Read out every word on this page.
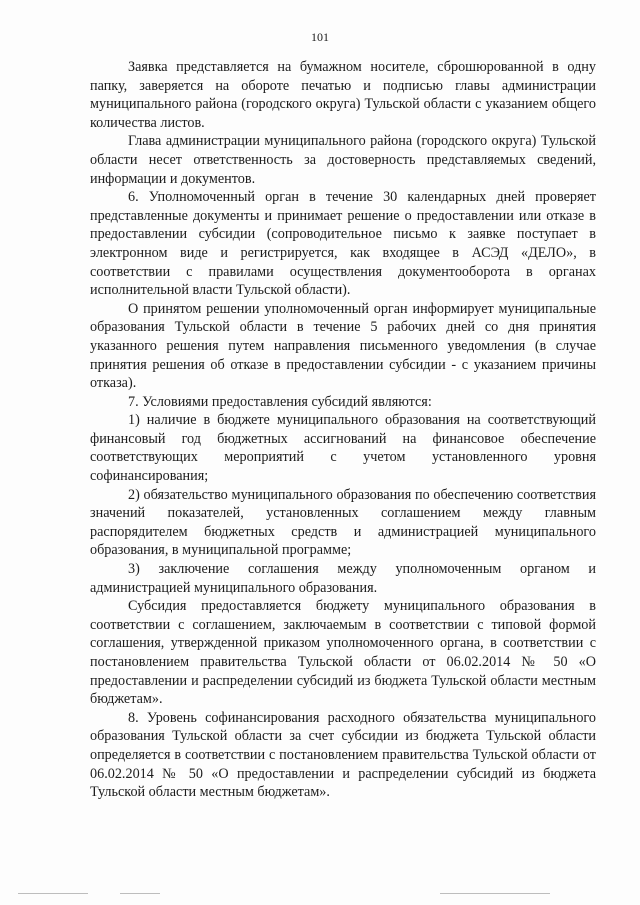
101

Заявка представляется на бумажном носителе, сброшюрованной в одну папку, заверяется на обороте печатью и подписью главы администрации муниципального района (городского округа) Тульской области с указанием общего количества листов.

Глава администрации муниципального района (городского округа) Тульской области несет ответственность за достоверность представляемых сведений, информации и документов.

6. Уполномоченный орган в течение 30 календарных дней проверяет представленные документы и принимает решение о предоставлении или отказе в предоставлении субсидии (сопроводительное письмо к заявке поступает в электронном виде и регистрируется, как входящее в АСЭД «ДЕЛО», в соответствии с правилами осуществления документооборота в органах исполнительной власти Тульской области).

О принятом решении уполномоченный орган информирует муниципальные образования Тульской области в течение 5 рабочих дней со дня принятия указанного решения путем направления письменного уведомления (в случае принятия решения об отказе в предоставлении субсидии - с указанием причины отказа).

7. Условиями предоставления субсидий являются:

1) наличие в бюджете муниципального образования на соответствующий финансовый год бюджетных ассигнований на финансовое обеспечение соответствующих мероприятий с учетом установленного уровня софинансирования;

2) обязательство муниципального образования по обеспечению соответствия значений показателей, установленных соглашением между главным распорядителем бюджетных средств и администрацией муниципального образования, в муниципальной программе;

3) заключение соглашения между уполномоченным органом и администрацией муниципального образования.

Субсидия предоставляется бюджету муниципального образования в соответствии с соглашением, заключаемым в соответствии с типовой формой соглашения, утвержденной приказом уполномоченного органа, в соответствии с постановлением правительства Тульской области от 06.02.2014 № 50 «О предоставлении и распределении субсидий из бюджета Тульской области местным бюджетам».

8. Уровень софинансирования расходного обязательства муниципального образования Тульской области за счет субсидии из бюджета Тульской области определяется в соответствии с постановлением правительства Тульской области от 06.02.2014 № 50 «О предоставлении и распределении субсидий из бюджета Тульской области местным бюджетам».
